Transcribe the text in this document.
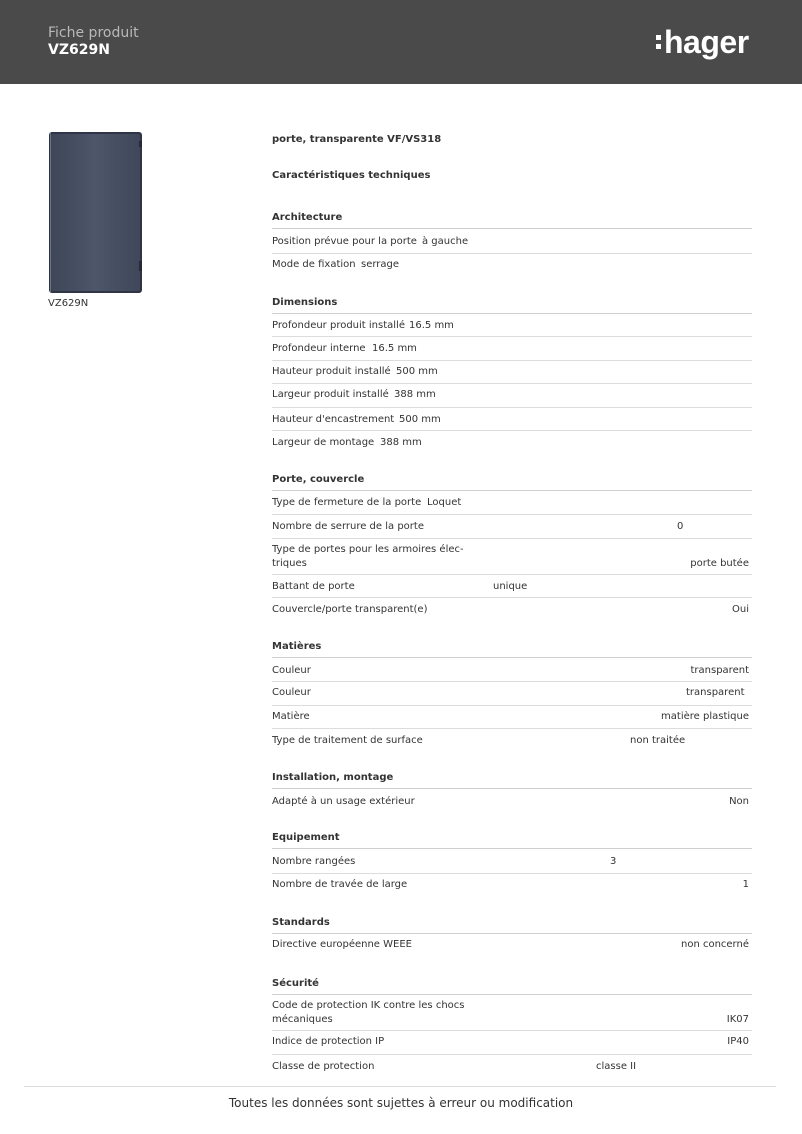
Fiche produit
VZ629N	hager
VZ629N
porte, transparente VF/VS318
Caractéristiques techniques
Architecture
Position prévue pour la porte à gauche
Mode de fixation serrage
Dimensions
Profondeur produit installé 16.5 mm
Profondeur interne 16.5 mm
Hauteur produit installé 500 mm
Largeur produit installé 388 mm
Hauteur d'encastrement 500 mm
Largeur de montage 388 mm
Porte, couvercle
Type de fermeture de la porte Loquet
Nombre de serrure de la porte	0
Type de portes pour les armoires élec-
triques	porte butée
Battant de porte	unique
Couvercle/porte transparent(e)	Oui
Matières
Couleur	transparent
Couleur	transparent
Matière	matière plastique
Type de traitement de surface	non traitée
Installation, montage
Adapté à un usage extérieur	Non
Equipement
Nombre rangées	3
Nombre de travée de large	1
Standards
Directive européenne WEEE	non concerné
Sécurité
Code de protection IK contre les chocs
mécaniques	IK07
Indice de protection IP	IP40
Classe de protection	classe II
Toutes les données sont sujettes à erreur ou modification
